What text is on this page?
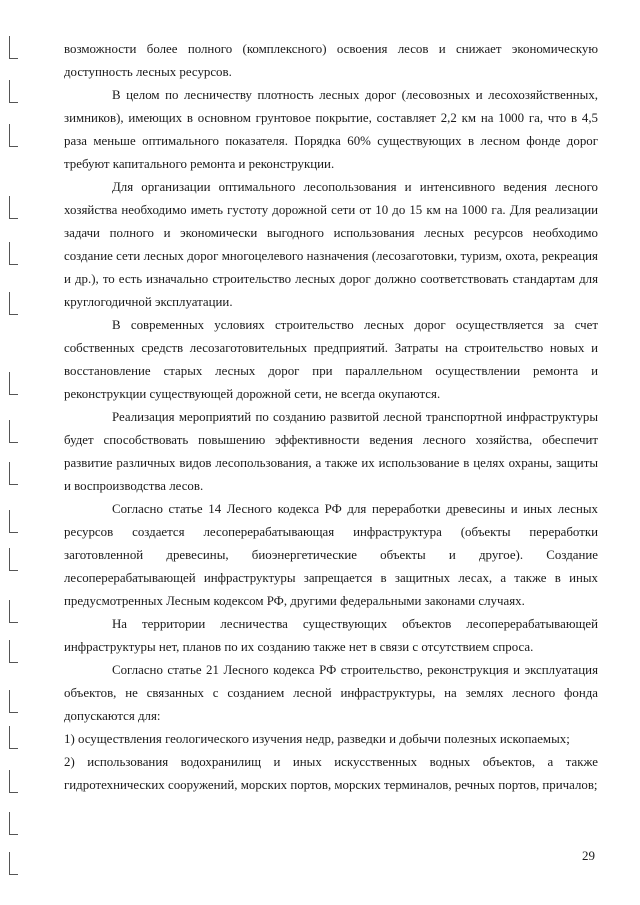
возможности более полного (комплексного) освоения лесов и снижает экономическую доступность лесных ресурсов.

В целом по лесничеству плотность лесных дорог (лесовозных и лесохозяйственных, зимников), имеющих в основном грунтовое покрытие, составляет 2,2 км на 1000 га, что в 4,5 раза меньше оптимального показателя. Порядка 60% существующих в лесном фонде дорог требуют капитального ремонта и реконструкции.

Для организации оптимального лесопользования и интенсивного ведения лесного хозяйства необходимо иметь густоту дорожной сети от 10 до 15 км на 1000 га. Для реализации задачи полного и экономически выгодного использования лесных ресурсов необходимо создание сети лесных дорог многоцелевого назначения (лесозаготовки, туризм, охота, рекреация и др.), то есть изначально строительство лесных дорог должно соответствовать стандартам для круглогодичной эксплуатации.

В современных условиях строительство лесных дорог осуществляется за счет собственных средств лесозаготовительных предприятий. Затраты на строительство новых и восстановление старых лесных дорог при параллельном осуществлении ремонта и реконструкции существующей дорожной сети, не всегда окупаются.

Реализация мероприятий по созданию развитой лесной транспортной инфраструктуры будет способствовать повышению эффективности ведения лесного хозяйства, обеспечит развитие различных видов лесопользования, а также их использование в целях охраны, защиты и воспроизводства лесов.

Согласно статье 14 Лесного кодекса РФ для переработки древесины и иных лесных ресурсов создается лесоперерабатывающая инфраструктура (объекты переработки заготовленной древесины, биоэнергетические объекты и другое). Создание лесоперерабатывающей инфраструктуры запрещается в защитных лесах, а также в иных предусмотренных Лесным кодексом РФ, другими федеральными законами случаях.

На территории лесничества существующих объектов лесоперерабатывающей инфраструктуры нет, планов по их созданию также нет в связи с отсутствием спроса.

Согласно статье 21 Лесного кодекса РФ строительство, реконструкция и эксплуатация объектов, не связанных с созданием лесной инфраструктуры, на землях лесного фонда допускаются для:

1) осуществления геологического изучения недр, разведки и добычи полезных ископаемых;

2) использования водохранилищ и иных искусственных водных объектов, а также гидротехнических сооружений, морских портов, морских терминалов, речных портов, причалов;

29
